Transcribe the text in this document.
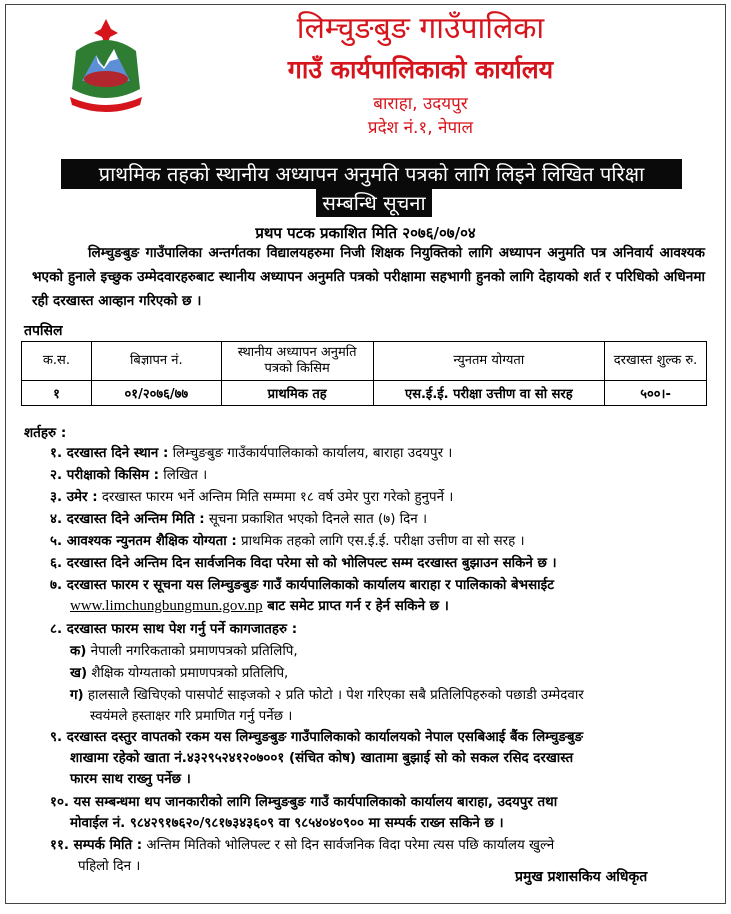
लिम्चुङबुङ गाउँपालिका
गाउँ कार्यपालिकाको कार्यालय
बाराहा, उदयपुर
प्रदेश नं.१, नेपाल
प्राथमिक तहको स्थानीय अध्यापन अनुमति पत्रको लागि लिइने लिखित परिक्षा
सम्बन्धि सूचना
प्रथप पटक प्रकाशित मिति २०७६/०७/०४
लिम्चुङबुङ गाउँपालिका अन्तर्गतका विद्यालयहरुमा निजी शिक्षक नियुक्तिको लागि अध्यापन अनुमति पत्र अनिवार्य आवश्यक भएको हुनाले इच्छुक उम्मेदवारहरुबाट स्थानीय अध्यापन अनुमति पत्रको परीक्षामा सहभागी हुनको लागि देहायको शर्त र परिधिको अधिनमा रही दरखास्त आव्हान गरिएको छ ।
तपसिल
क.स.	बिज्ञापन नं.	स्थानीय अध्यापन अनुमति पत्रको किसिम	न्युनतम योग्यता	दरखास्त शुल्क रु.
१	०१/२०७६/७७	प्राथमिक तह	एस.ई.ई. परीक्षा उत्तीण वा सो सरह	५००।-
शर्तहरु :
१. दरखास्त दिने स्थान : लिम्चुङबुङ गाउँकार्यपालिकाको कार्यालय, बाराहा उदयपुर ।
२. परीक्षाको किसिम : लिखित ।
३. उमेर : दरखास्त फारम भर्ने अन्तिम मिति सम्ममा १८ वर्ष उमेर पुरा गरेको हुनुपर्ने ।
४. दरखास्त दिने अन्तिम मिति : सूचना प्रकाशित भएको दिनले सात (७) दिन ।
५. आवश्यक न्युनतम शैक्षिक योग्यता : प्राथमिक तहको लागि एस.ई.ई. परीक्षा उत्तीण वा सो सरह ।
६. दरखास्त दिने अन्तिम दिन सार्वजनिक विदा परेमा सो को भोलिपल्ट सम्म दरखास्त बुझाउन सकिने छ ।
७. दरखास्त फारम र सूचना यस लिम्चुङबुङ गाउँ कार्यपालिकाको कार्यालय बाराहा र पालिकाको बेभसाईट
www.limchungbungmun.gov.np बाट समेट प्राप्त गर्न र हेर्न सकिने छ ।
८. दरखास्त फारम साथ पेश गर्नु पर्ने कागजातहरु :
क) नेपाली नगरिकताको प्रमाणपत्रको प्रतिलिपि,
ख) शैक्षिक योग्यताको प्रमाणपत्रको प्रतिलिपि,
ग) हालसालै खिचिएको पासपोर्ट साइजको २ प्रति फोटो । पेश गरिएका सबै प्रतिलिपिहरुको पछाडी उम्मेदवार
स्वयंमले हस्ताक्षर गरि प्रमाणित गर्नु पर्नेछ ।
९. दरखास्त दस्तुर वापतको रकम यस लिम्चुङबुङ गाउँपालिकाको कार्यालयको नेपाल एसबिआई बैंक लिम्चुङबुङ
शाखामा रहेको खाता नं.४३२९५२४१२०७००१ (संचित कोष) खातामा बुझाई सो को सकल रसिद दरखास्त
फारम साथ राख्नु पर्नेछ ।
१०. यस सम्बन्धमा थप जानकारीको लागि लिम्चुङबुङ गाउँ कार्यपालिकाको कार्यालय बाराहा, उदयपुर तथा
मोवाईल नं. ९८४२९१७६२०/९८१७३४३६०९ वा ९८५४०४०९०० मा सम्पर्क राख्न सकिने छ ।
११. सम्पर्क मिति : अन्तिम मितिको भोलिपल्ट र सो दिन सार्वजनिक विदा परेमा त्यस पछि कार्यालय खुल्ने
पहिलो दिन ।
प्रमुख प्रशासकिय अधिकृत
